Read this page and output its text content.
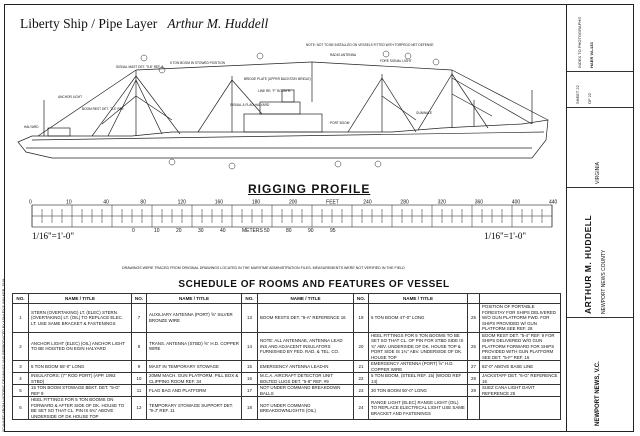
Liberty Ship / Pipe Layer Arthur M. Huddell
NOTE: NOT TO BE INSTALLED ON VESSELS FITTED WITH TORPEDO NET DEFENSE
SIGNAL MAST DET. "5-8" REF. 8
5 TON BOOM IN STOWED POSITION
RADIO ANTENNA
FORE SIGNAL LIGHT
BRIDGE PLATE (UPPER BACKSTAY BRIDLE)
LINE RE: "F" BOOM R.
BOOM REST DET. "3-4" REF.
SIGNAL & FLAG HALYARD
PORT BOOM
GUNWALE
ANCHOR LIGHT
HALYARD
RIGGING PROFILE
0	10	40	80	120	160	180	200	FEET	240	280	320	360	400	440
0	10	20	30	40	METERS 50	80	90	95
1/16"=1'-0"	1/16"=1'-0"
DRAWINGS WERE TRACED FROM ORIGINAL DRAWINGS LOCATED IN THE MARITIME ADMINISTRATION FILES. MEASUREMENTS WERE NOT VERIFIED IN THE FIELD
SCHEDULE OF ROOMS AND FEATURES OF VESSEL
NO.	NAME / TITLE	NO.	NAME / TITLE	NO.	NAME / TITLE	NO.	NAME / TITLE		
1	STERN (OVERTAKING) LT. (ELEC) STERN (OVERTAKING) LT. (OIL) TO REPLACE ELEC. LT. USE SAME BRACKET & FASTENINGS	7	AUXILIARY ANTENNA (PORT) ⅝" SILVER BRONZE WIRE	13	BOOM RESTS DET. "9-A" REFERENCE 16	19	5 TON BOOM 47'-0" LONG	25	POSITION OF PORTABLE FORESTAY FOR SHIPS DELIVERED W/O GUN PLATFORM FWD. FOR SHIPS PROVIDED W/ GUN PLATFORM SEE REF. 28
2	ANCHOR LIGHT (ELEC) (OIL) ANCHOR LIGHT TO BE HOISTED ON EGIN HALYARD	8	TRANS. ANTENNA (STBD) ⅝" H.D. COPPER WIRE	14	NOTE: ALL ANTENNAE, ANTENNA LEAD INS AND ADJACENT INSULATORS FURNISHED BY FED. RAD. & TEL. CO.	20	HEEL FITTINGS FOR 5 TON BOOMS TO BE SET SO THAT CL. OF PIN FOR STBD SIDE IS ¾" ABV. UNDERSIDE OF DK. HOUSE TOP & PORT SIDE IS 1¾" ABV. UNDERSIDE OF DK. HOUSE TOP	26	BOOM REST DET. "5-4" REF. 9 FOR SHIPS DELIVERED W/O GUN PLATFORM FORWARD FOR SHIPS PROVIDED WITH GUN PLATFORM SEE DET. "5-F" REF. 16
3	5 TON BOOM 55'-0" LONG	9	MAST IN TEMPORARY STOWAGE	15	EMERGENCY ANTENNA LEAD-IN	21	EMERGENCY ANTENNA (PORT) ⅝" H.D. COPPER WIRE	27	82'-0" ABOVE BASE LINE
4	INSULATORS: (7" ROD PORT) (APP. 1993 STBD)	10	20MM MACH. GUN PLATFORM, PILL BOX & CLIPPING ROOM REF. 34	16	M.C.A. AIRCRAFT DETECTOR UNIT BOLTED LUGS DET. "5-8" REF. #9	22	5 TON BOOM, (STEEL REF. 15) (WOOD REF 14)	28	JACKSTAFF DET. "6-G" REFERENCE 16
5	15 TON BOOM STOWAGE BEKT. DET. "5-G" REF 9	11	FLAG BAG AND PLATFORM	17	NOT UNDER COMMAND BREAKDOWN BALLS	23	30 TON BOOM 50'-0" LONG	29	SUEZ CANA LIGHT DAVIT REFERENCE 25
6	HEEL FITTINGS FOR 5 TON BOOMS ON FORWARD & AFTER SIDE OF DK. HOUSE TO BE SET SO THAT CL. PIN IS 6¾" ABOVE UNDERSIDE OF DK HOUSE TOP	12	TEMPORARY STOWAGE SUPPORT DET. "9-J" REF. 11	18	NOT UNDER COMMAND BREAKDOWNLIGHTS (OIL)	24	RANGE LIGHT (ELEC) RANGE LIGHT (OIL) TO REPLACE ELECTRICAL LIGHT USE SAME BRACKET AND FASTENINGS		
INDEX TO PHOTOGRAPHS HAER VA-133
SHEET 22 OF 22
VIRGINIA
ARTHUR M. HUDDELL NEWPORT NEWS COUNTY
NEWPORT NEWS, V.C.
SCANNED FROM HISTORIC DRAWINGS AND REPRODUCED BY ASHLEY F. WALKER, 2019
